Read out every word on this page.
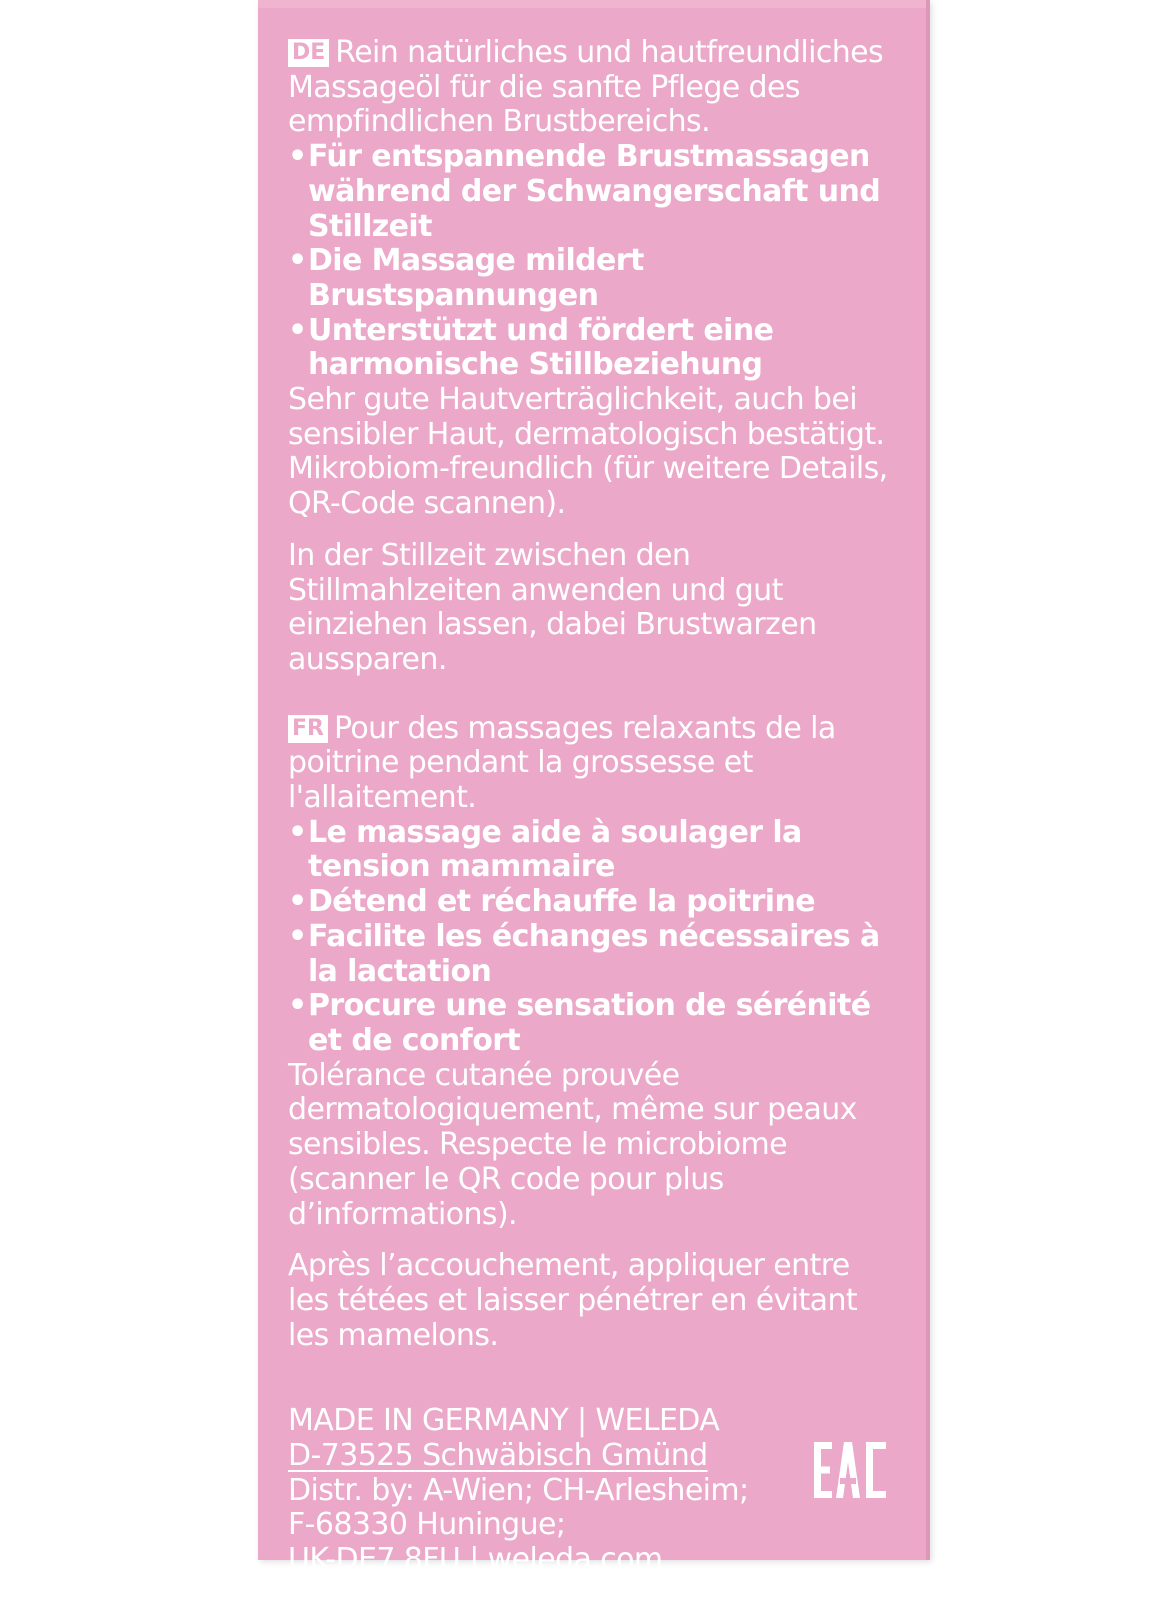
DE Rein natürliches und hautfreundliches Massageöl für die sanfte Pflege des empfindlichen Brustbereichs.

• Für entspannende Brustmassagen während der Schwangerschaft und Stillzeit
• Die Massage mildert Brustspannungen
• Unterstützt und fördert eine harmonische Stillbeziehung

Sehr gute Hautverträglichkeit, auch bei sensibler Haut, dermatologisch bestätigt. Mikrobiom-freundlich (für weitere Details, QR-Code scannen).

In der Stillzeit zwischen den Stillmahlzeiten anwenden und gut einziehen lassen, dabei Brustwarzen aussparen.

FR Pour des massages relaxants de la poitrine pendant la grossesse et l'allaitement.

• Le massage aide à soulager la tension mammaire
• Détend et réchauffe la poitrine
• Facilite les échanges nécessaires à la lactation
• Procure une sensation de sérénité et de confort

Tolérance cutanée prouvée dermatologiquement, même sur peaux sensibles. Respecte le microbiome (scanner le QR code pour plus d’informations).

Après l’accouchement, appliquer entre les tétées et laisser pénétrer en évitant les mamelons.

MADE IN GERMANY | WELEDA
D-73525 Schwäbisch Gmünd
Distr. by: A-Wien; CH-Arlesheim;
F-68330 Huningue;
UK-DE7 8FU | weleda.com
